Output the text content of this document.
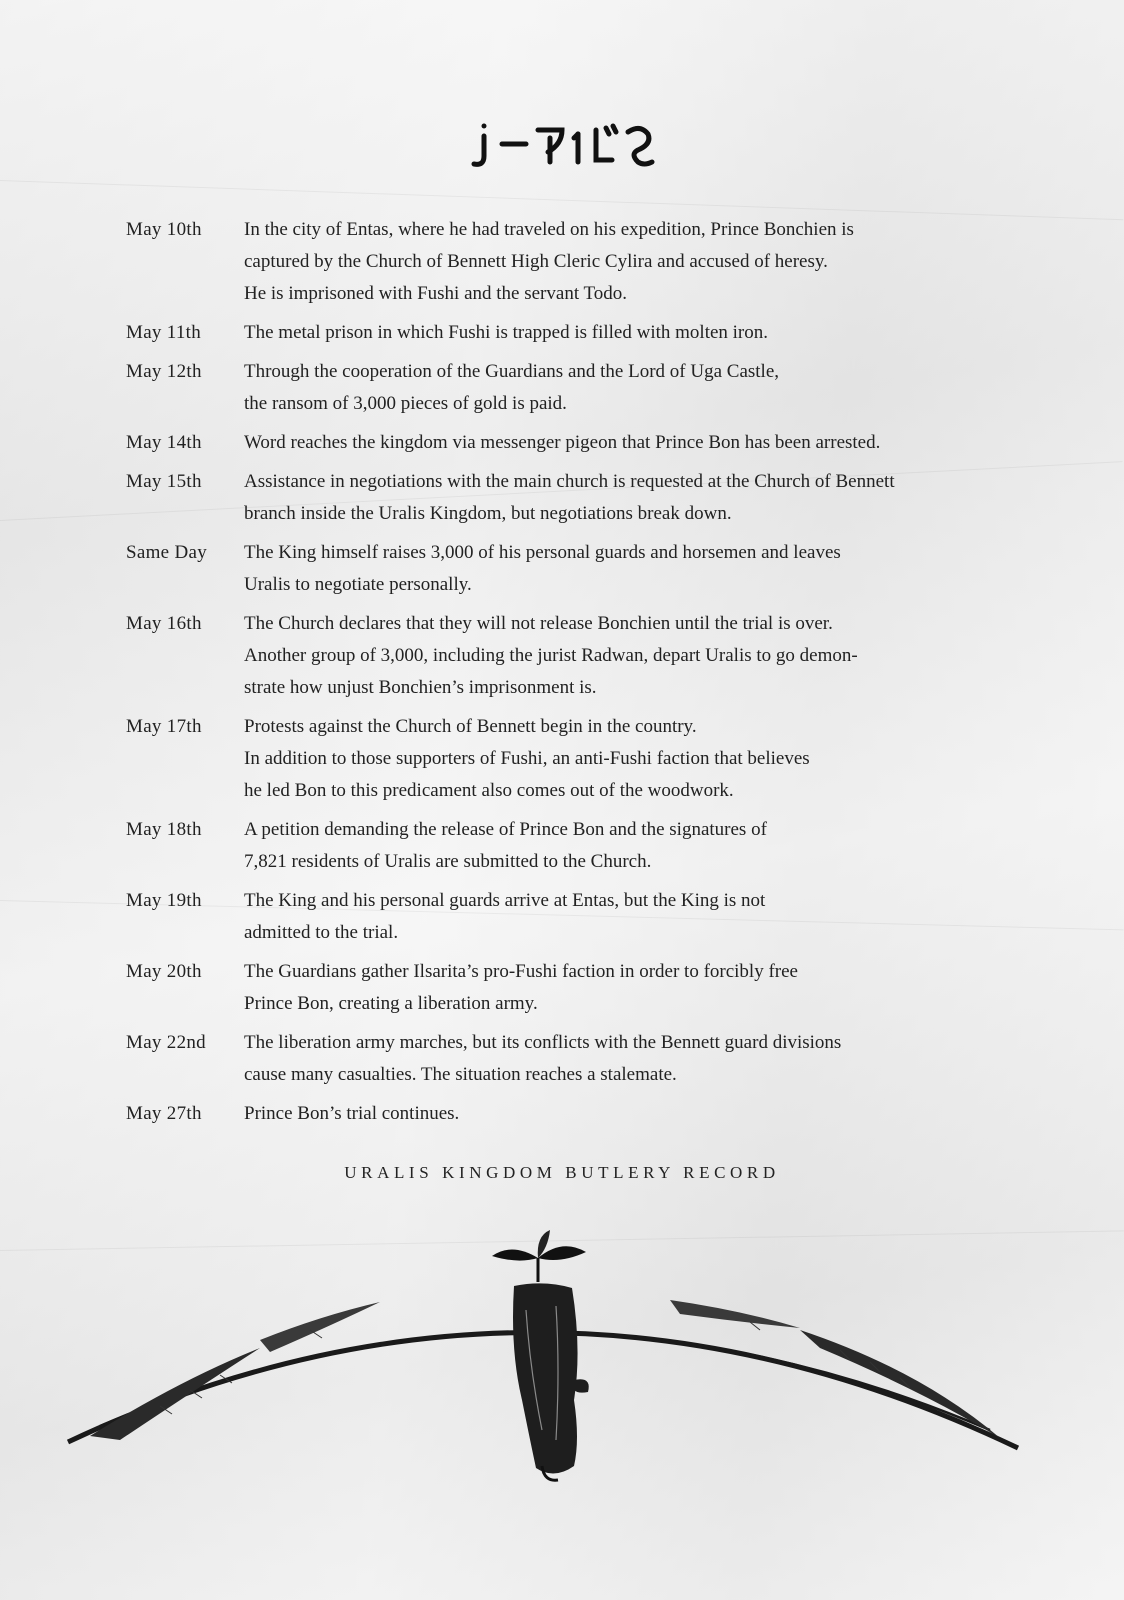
May 10th	In the city of Entas, where he had traveled on his expedition, Prince Bonchien is
captured by the Church of Bennett High Cleric Cylira and accused of heresy.
He is imprisoned with Fushi and the servant Todo.
May 11th	The metal prison in which Fushi is trapped is filled with molten iron.
May 12th	Through the cooperation of the Guardians and the Lord of Uga Castle,
the ransom of 3,000 pieces of gold is paid.
May 14th	Word reaches the kingdom via messenger pigeon that Prince Bon has been arrested.
May 15th	Assistance in negotiations with the main church is requested at the Church of Bennett
branch inside the Uralis Kingdom, but negotiations break down.
Same Day	The King himself raises 3,000 of his personal guards and horsemen and leaves
Uralis to negotiate personally.
May 16th	The Church declares that they will not release Bonchien until the trial is over.
Another group of 3,000, including the jurist Radwan, depart Uralis to go demon-
strate how unjust Bonchien’s imprisonment is.
May 17th	Protests against the Church of Bennett begin in the country.
In addition to those supporters of Fushi, an anti-Fushi faction that believes
he led Bon to this predicament also comes out of the woodwork.
May 18th	A petition demanding the release of Prince Bon and the signatures of
7,821 residents of Uralis are submitted to the Church.
May 19th	The King and his personal guards arrive at Entas, but the King is not
admitted to the trial.
May 20th	The Guardians gather Ilsarita’s pro-Fushi faction in order to forcibly free
Prince Bon, creating a liberation army.
May 22nd	The liberation army marches, but its conflicts with the Bennett guard divisions
cause many casualties. The situation reaches a stalemate.
May 27th	Prince Bon’s trial continues.
URALIS KINGDOM BUTLERY RECORD
